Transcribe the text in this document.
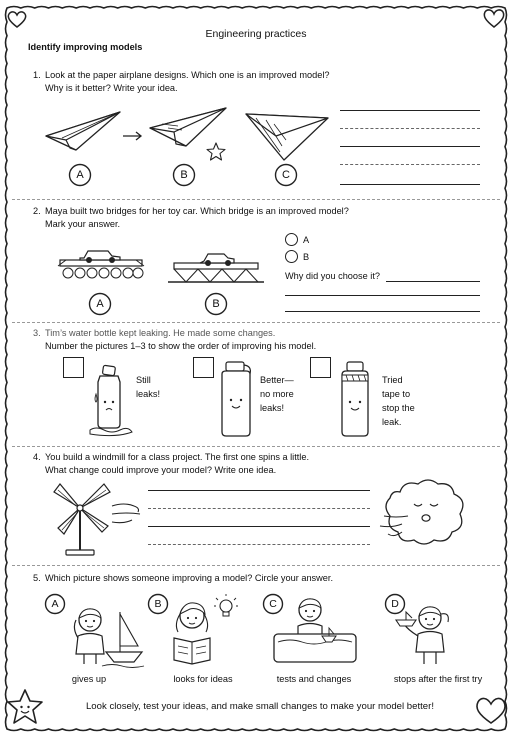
Engineering practices
Identify improving models
1. Look at the paper airplane designs. Which one is an improved model?
Why is it better? Write your idea.
A	B	C
2. Maya built two bridges for her toy car. Which bridge is an improved model?
Mark your answer.
A	B
A
B
Why did you choose it?
3. Tim’s water bottle kept leaking. He made some changes.
Number the pictures 1–3 to show the order of improving his model.
Still
leaks!
Better—
no more
leaks!
Tried
tape to
stop the
leak.
4. You build a windmill for a class project. The first one spins a little.
What change could improve your model? Write one idea.
5. Which picture shows someone improving a model? Circle your answer.
A	B	C	D
gives up	looks for ideas	tests and changes	stops after the first try
Look closely, test your ideas, and make small changes to make your model better!
